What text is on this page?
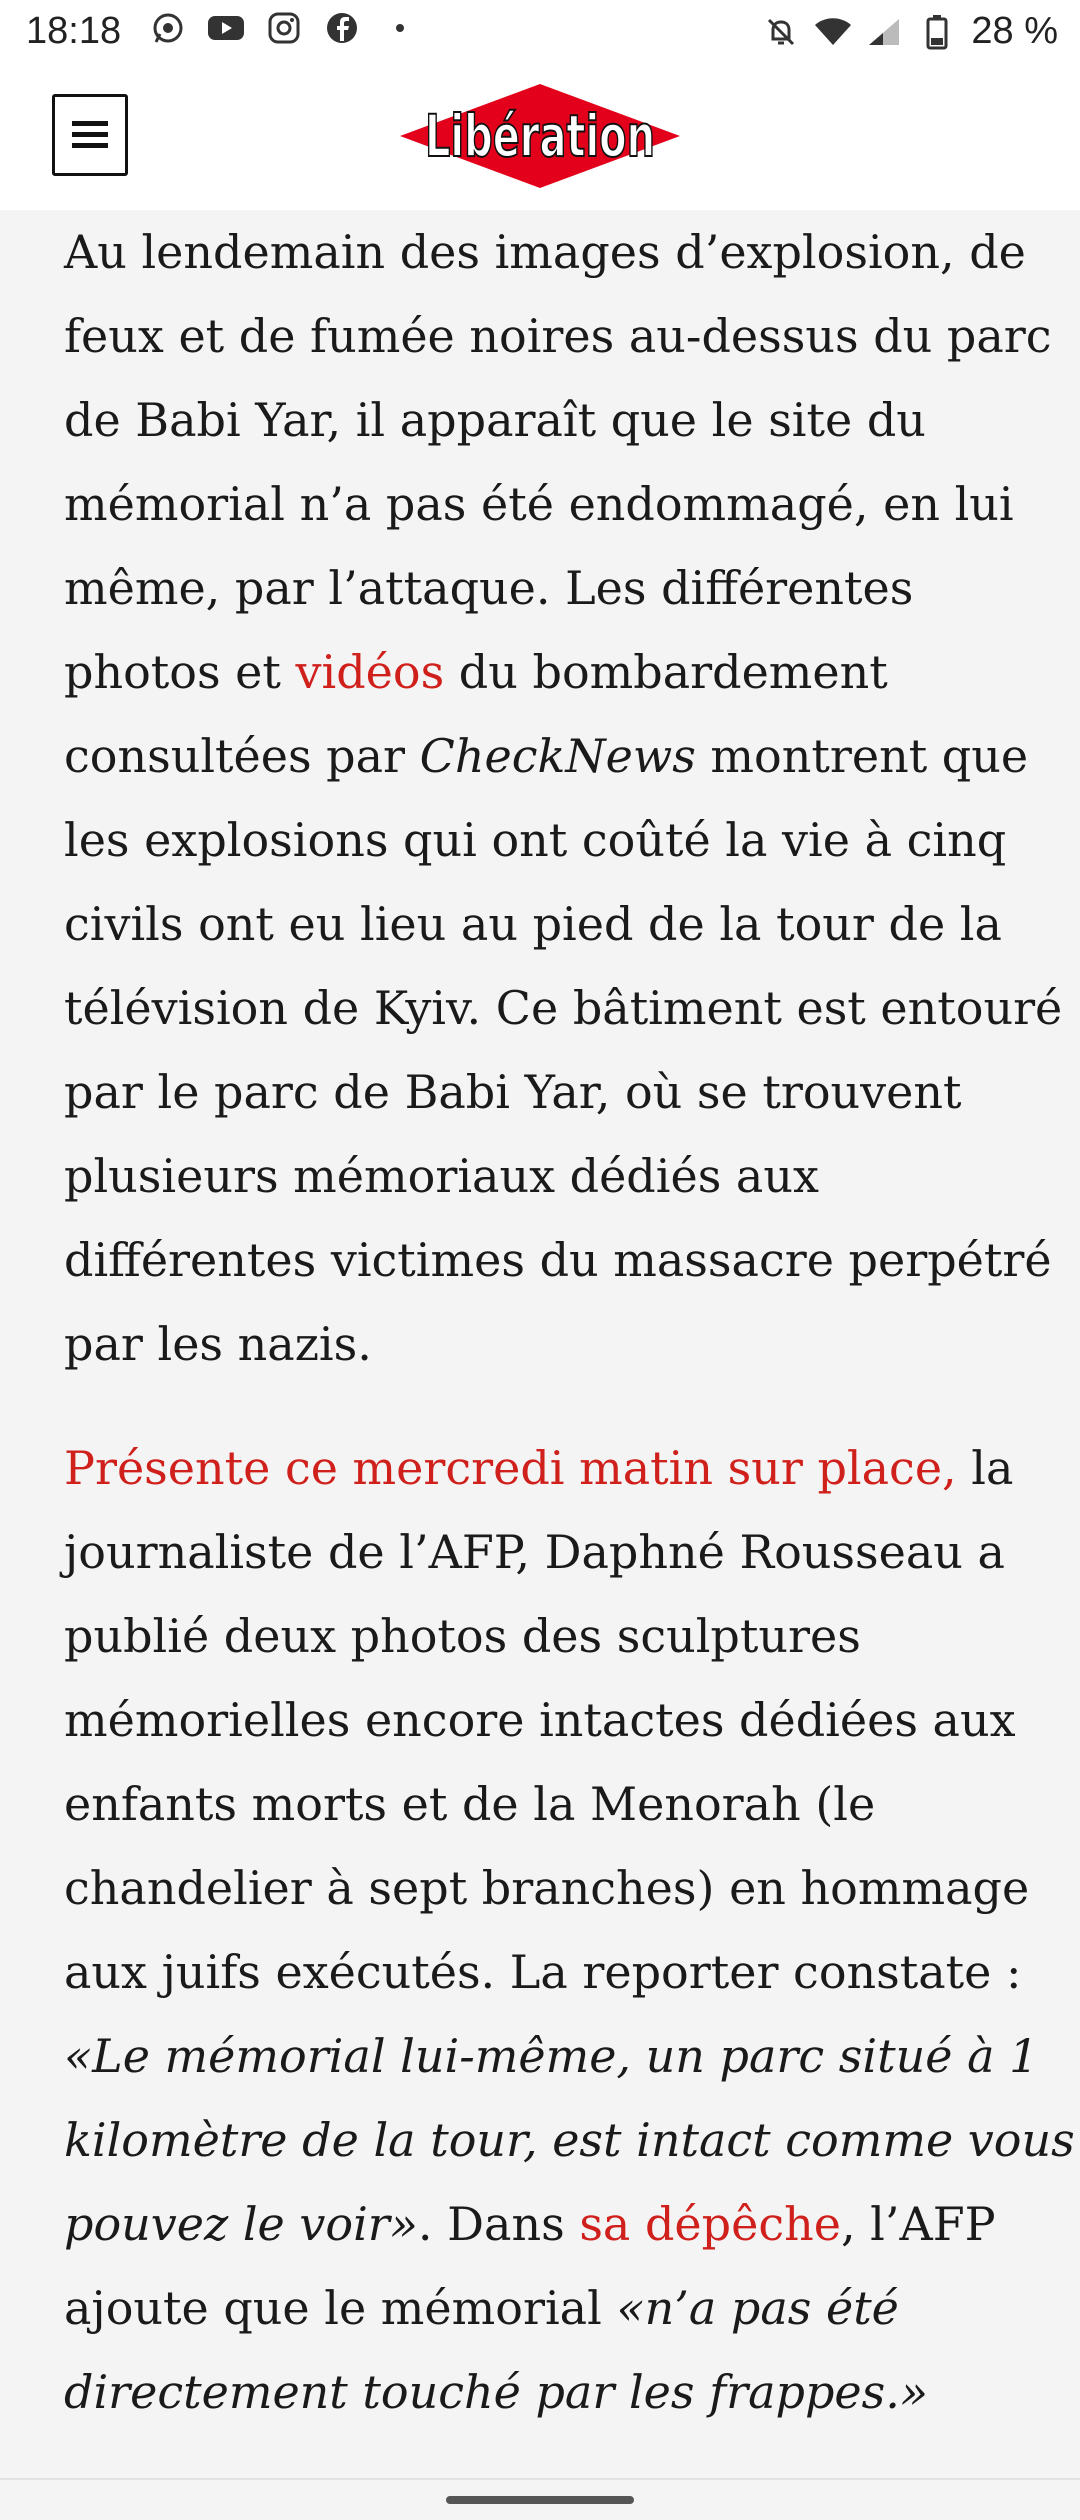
18:18	28 %
Libération

Au lendemain des images d’explosion, de
feux et de fumée noires au-dessus du parc
de Babi Yar, il apparaît que le site du
mémorial n’a pas été endommagé, en lui
même, par l’attaque. Les différentes
photos et vidéos du bombardement
consultées par CheckNews montrent que
les explosions qui ont coûté la vie à cinq
civils ont eu lieu au pied de la tour de la
télévision de Kyiv. Ce bâtiment est entouré
par le parc de Babi Yar, où se trouvent
plusieurs mémoriaux dédiés aux
différentes victimes du massacre perpétré
par les nazis.

Présente ce mercredi matin sur place, la
journaliste de l’AFP, Daphné Rousseau a
publié deux photos des sculptures
mémorielles encore intactes dédiées aux
enfants morts et de la Menorah (le
chandelier à sept branches) en hommage
aux juifs exécutés. La reporter constate :
«Le mémorial lui-même, un parc situé à 1
kilomètre de la tour, est intact comme vous
pouvez le voir». Dans sa dépêche, l’AFP
ajoute que le mémorial «n’a pas été
directement touché par les frappes.»
